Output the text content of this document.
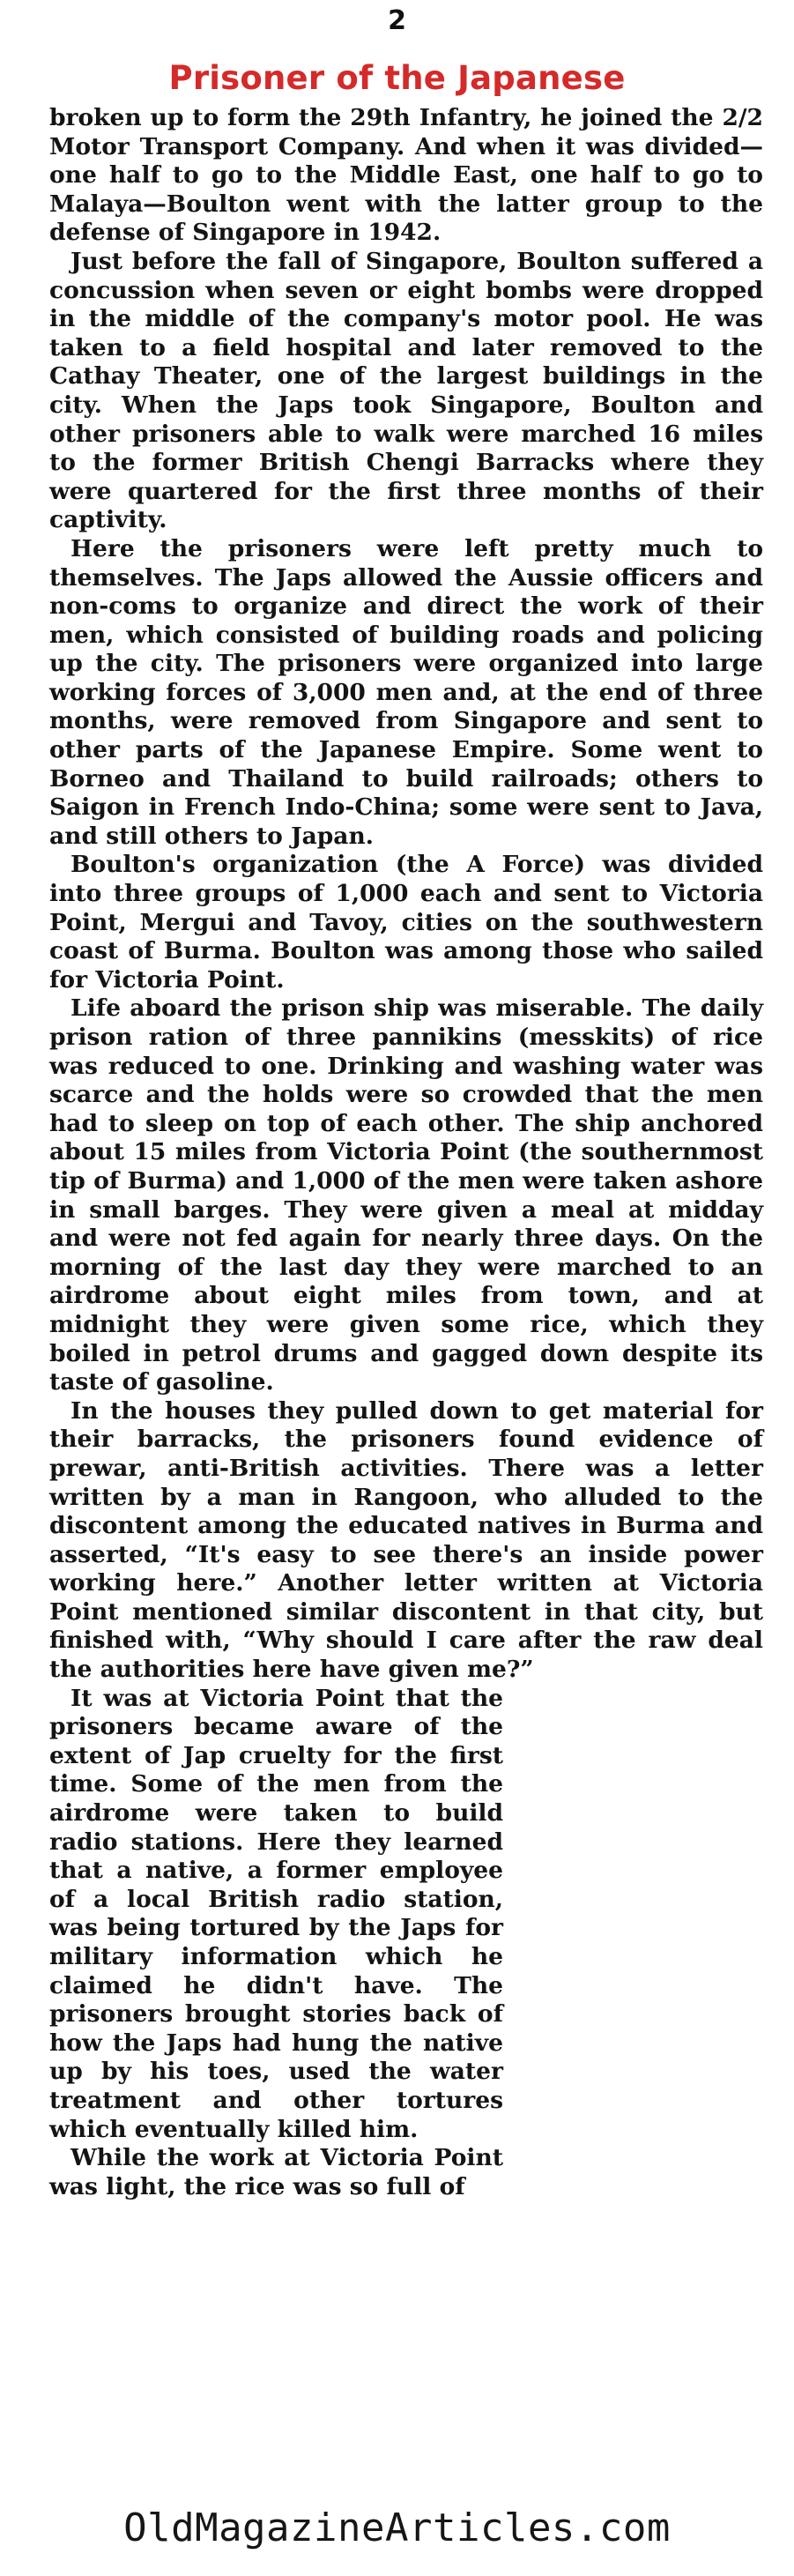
2
Prisoner of the Japanese

broken up to form the 29th Infantry, he joined the 2/2 Motor Transport Company. And when it was divided—one half to go to the Middle East, one half to go to Malaya—Boulton went with the latter group to the defense of Singapore in 1942.

Just before the fall of Singapore, Boulton suffered a concussion when seven or eight bombs were dropped in the middle of the company's motor pool. He was taken to a field hospital and later removed to the Cathay Theater, one of the largest buildings in the city. When the Japs took Singapore, Boulton and other prisoners able to walk were marched 16 miles to the former British Chengi Barracks where they were quartered for the first three months of their captivity.

Here the prisoners were left pretty much to themselves. The Japs allowed the Aussie officers and non-coms to organize and direct the work of their men, which consisted of building roads and policing up the city. The prisoners were organized into large working forces of 3,000 men and, at the end of three months, were removed from Singapore and sent to other parts of the Japanese Empire. Some went to Borneo and Thailand to build railroads; others to Saigon in French Indo-China; some were sent to Java, and still others to Japan.

Boulton's organization (the A Force) was divided into three groups of 1,000 each and sent to Victoria Point, Mergui and Tavoy, cities on the southwestern coast of Burma. Boulton was among those who sailed for Victoria Point.

Life aboard the prison ship was miserable. The daily prison ration of three pannikins (messkits) of rice was reduced to one. Drinking and washing water was scarce and the holds were so crowded that the men had to sleep on top of each other. The ship anchored about 15 miles from Victoria Point (the southernmost tip of Burma) and 1,000 of the men were taken ashore in small barges. They were given a meal at midday and were not fed again for nearly three days. On the morning of the last day they were marched to an airdrome about eight miles from town, and at midnight they were given some rice, which they boiled in petrol drums and gagged down despite its taste of gasoline.

In the houses they pulled down to get material for their barracks, the prisoners found evidence of prewar, anti-British activities. There was a letter written by a man in Rangoon, who alluded to the discontent among the educated natives in Burma and asserted, “It's easy to see there's an inside power working here.” Another letter written at Victoria Point mentioned similar discontent in that city, but finished with, “Why should I care after the raw deal the authorities here have given me?”

It was at Victoria Point that the prisoners became aware of the extent of Jap cruelty for the first time. Some of the men from the airdrome were taken to build radio stations. Here they learned that a native, a former employee of a local British radio station, was being tortured by the Japs for military information which he claimed he didn't have. The prisoners brought stories back of how the Japs had hung the native up by his toes, used the water treatment and other tortures which eventually killed him.

While the work at Victoria Point was light, the rice was so full of

OldMagazineArticles.com
